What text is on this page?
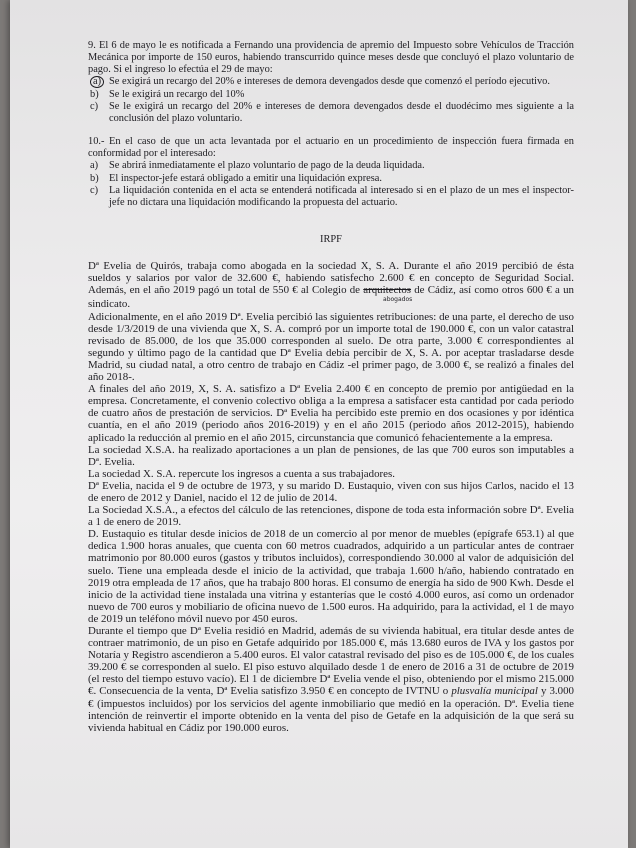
9. El 6 de mayo le es notificada a Fernando una providencia de apremio del Impuesto sobre Vehículos de Tracción Mecánica por importe de 150 euros, habiendo transcurrido quince meses desde que concluyó el plazo voluntario de pago. Si el ingreso lo efectúa el 29 de mayo:

a) Se exigirá un recargo del 20% e intereses de demora devengados desde que comenzó el período ejecutivo.
b) Se le exigirá un recargo del 10%
c)	Se le exigirá un recargo del 20% e intereses de demora devengados desde el duodécimo mes siguiente a la conclusión del plazo voluntario.

10.- En el caso de que un acta levantada por el actuario en un procedimiento de inspección fuera firmada en conformidad por el interesado:

a)	Se abrirá inmediatamente el plazo voluntario de pago de la deuda liquidada.
b) El inspector-jefe estará obligado a emitir una liquidación expresa.
c)	La liquidación contenida en el acta se entenderá notificada al interesado si en el plazo de un mes el inspector-jefe no dictara una liquidación modificando la propuesta del actuario.

IRPF

Dª Evelia de Quirós, trabaja como abogada en la sociedad X, S. A. Durante el año 2019 percibió de ésta sueldos y salarios por valor de 32.600 €, habiendo satisfecho 2.600 € en concepto de Seguridad Social. Además, en el año 2019 pagó un total de 550 € al Colegio de arquitectos
abogados
de Cádiz, así como otros 600 € a un sindicato.

Adicionalmente, en el año 2019 Dª. Evelia percibió las siguientes retribuciones: de una parte, el derecho de uso desde 1/3/2019 de una vivienda que X, S. A. compró por un importe total de 190.000 €, con un valor catastral revisado de 85.000, de los que 35.000 corresponden al suelo. De otra parte, 3.000 € correspondientes al segundo y último pago de la cantidad que Dª Evelia debía percibir de X, S. A. por aceptar trasladarse desde Madrid, su ciudad natal, a otro centro de trabajo en Cádiz -el primer pago, de 3.000 €, se realizó a finales del año 2018-.

A finales del año 2019, X, S. A. satisfizo a Dª Evelia 2.400 € en concepto de premio por antigüedad en la empresa. Concretamente, el convenio colectivo obliga a la empresa a satisfacer esta cantidad por cada periodo de cuatro años de prestación de servicios. Dª Evelia ha percibido este premio en dos ocasiones y por idéntica cuantía, en el año 2019 (periodo años 2016-2019) y en el año 2015 (periodo años 2012-2015), habiendo aplicado la reducción al premio en el año 2015, circunstancia que comunicó fehacientemente a la empresa.

La sociedad X.S.A. ha realizado aportaciones a un plan de pensiones, de las que 700 euros son imputables a Dª. Evelia.

La sociedad X. S.A. repercute los ingresos a cuenta a sus trabajadores.

Dª Evelia, nacida el 9 de octubre de 1973, y su marido D. Eustaquio, viven con sus hijos Carlos, nacido el 13 de enero de 2012 y Daniel, nacido el 12 de julio de 2014.

La Sociedad X.S.A., a efectos del cálculo de las retenciones, dispone de toda esta información sobre Dª. Evelia a 1 de enero de 2019.

D. Eustaquio es titular desde inicios de 2018 de un comercio al por menor de muebles (epígrafe 653.1) al que dedica 1.900 horas anuales, que cuenta con 60 metros cuadrados, adquirido a un particular antes de contraer matrimonio por 80.000 euros (gastos y tributos incluidos), correspondiendo 30.000 al valor de adquisición del suelo. Tiene una empleada desde el inicio de la actividad, que trabaja 1.600 h/año, habiendo contratado en 2019 otra empleada de 17 años, que ha trabajo 800 horas. El consumo de energía ha sido de 900 Kwh. Desde el inicio de la actividad tiene instalada una vitrina y estanterías que le costó 4.000 euros, así como un ordenador nuevo de 700 euros y mobiliario de oficina nuevo de 1.500 euros. Ha adquirido, para la actividad, el 1 de mayo de 2019 un teléfono móvil nuevo por 450 euros.

Durante el tiempo que Dª Evelia residió en Madrid, además de su vivienda habitual, era titular desde antes de contraer matrimonio, de un piso en Getafe adquirido por 185.000 €, más 13.680 euros de IVA y los gastos por Notaría y Registro ascendieron a 5.400 euros. El valor catastral revisado del piso es de 105.000 €, de los cuales 39.200 € se corresponden al suelo. El piso estuvo alquilado desde 1 de enero de 2016 a 31 de octubre de 2019 (el resto del tiempo estuvo vacío). El 1 de diciembre Dª Evelia vende el piso, obteniendo por el mismo 215.000 €. Consecuencia de la venta, Dª Evelia satisfizo 3.950 € en concepto de IVTNU o plusvalía municipal y 3.000 € (impuestos incluidos) por los servicios del agente inmobiliario que medió en la operación. Dª. Evelia tiene intención de reinvertir el importe obtenido en la venta del piso de Getafe en la adquisición de la que será su vivienda habitual en Cádiz por 190.000 euros.
